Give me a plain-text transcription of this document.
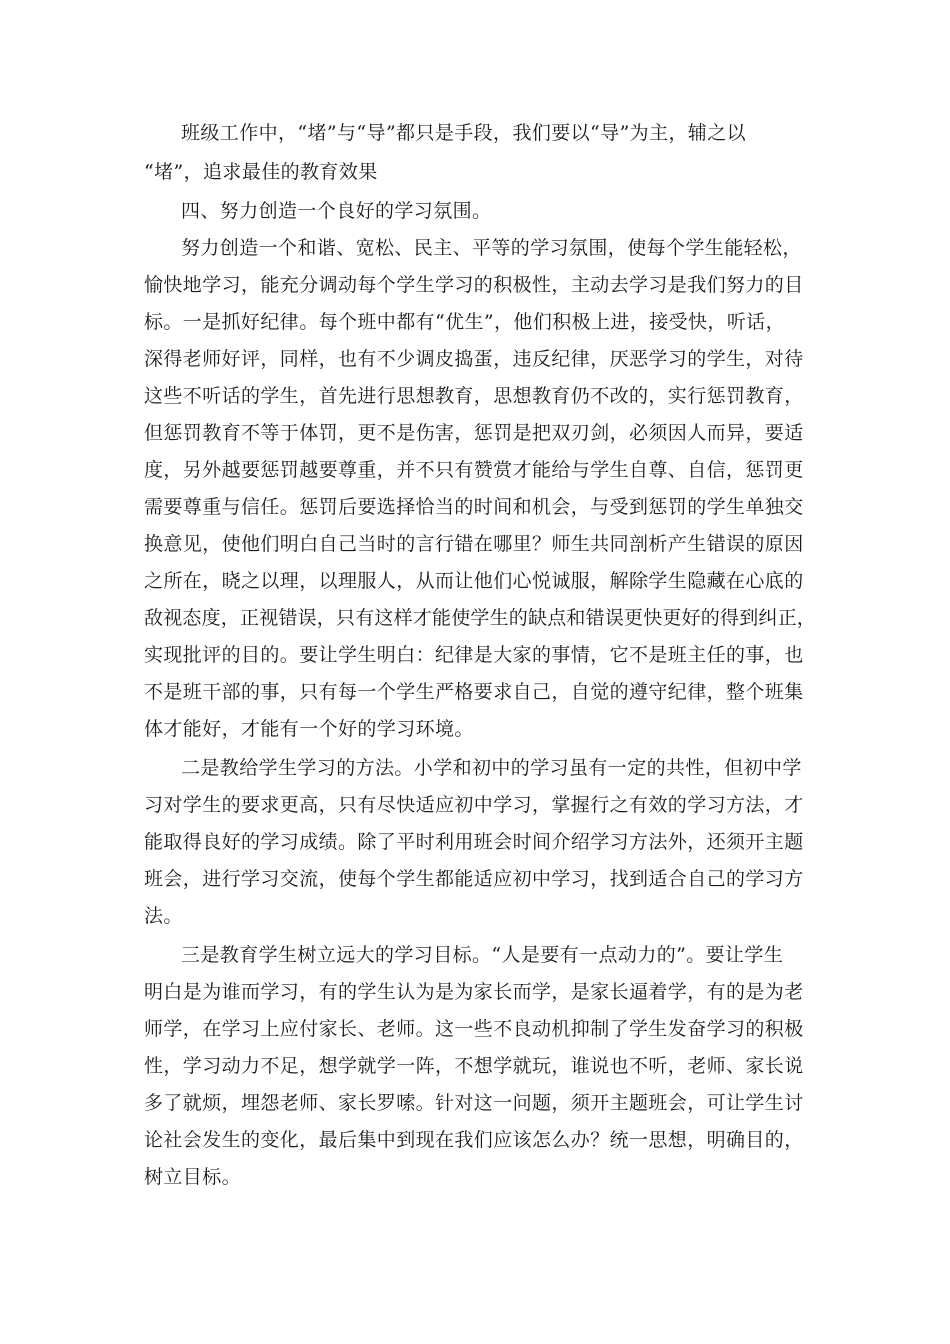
班级工作中，“堵”与“导”都只是手段，我们要以“导”为主，辅之以
“堵”，追求最佳的教育效果
四、努力创造一个良好的学习氛围。
努力创造一个和谐、宽松、民主、平等的学习氛围，使每个学生能轻松，
愉快地学习，能充分调动每个学生学习的积极性，主动去学习是我们努力的目
标。一是抓好纪律。每个班中都有“优生”，他们积极上进，接受快，听话，
深得老师好评，同样，也有不少调皮捣蛋，违反纪律，厌恶学习的学生，对待
这些不听话的学生，首先进行思想教育，思想教育仍不改的，实行惩罚教育，
但惩罚教育不等于体罚，更不是伤害，惩罚是把双刃剑，必须因人而异，要适
度，另外越要惩罚越要尊重，并不只有赞赏才能给与学生自尊、自信，惩罚更
需要尊重与信任。惩罚后要选择恰当的时间和机会，与受到惩罚的学生单独交
换意见，使他们明白自己当时的言行错在哪里？师生共同剖析产生错误的原因
之所在，晓之以理，以理服人，从而让他们心悦诚服，解除学生隐藏在心底的
敌视态度，正视错误，只有这样才能使学生的缺点和错误更快更好的得到纠正，
实现批评的目的。要让学生明白：纪律是大家的事情，它不是班主任的事，也
不是班干部的事，只有每一个学生严格要求自己，自觉的遵守纪律，整个班集
体才能好，才能有一个好的学习环境。
二是教给学生学习的方法。小学和初中的学习虽有一定的共性，但初中学
习对学生的要求更高，只有尽快适应初中学习，掌握行之有效的学习方法，才
能取得良好的学习成绩。除了平时利用班会时间介绍学习方法外，还须开主题
班会，进行学习交流，使每个学生都能适应初中学习，找到适合自己的学习方
法。
三是教育学生树立远大的学习目标。“人是要有一点动力的”。要让学生
明白是为谁而学习，有的学生认为是为家长而学，是家长逼着学，有的是为老
师学，在学习上应付家长、老师。这一些不良动机抑制了学生发奋学习的积极
性，学习动力不足，想学就学一阵，不想学就玩，谁说也不听，老师、家长说
多了就烦，埋怨老师、家长罗嗦。针对这一问题，须开主题班会，可让学生讨
论社会发生的变化，最后集中到现在我们应该怎么办？统一思想，明确目的，
树立目标。
